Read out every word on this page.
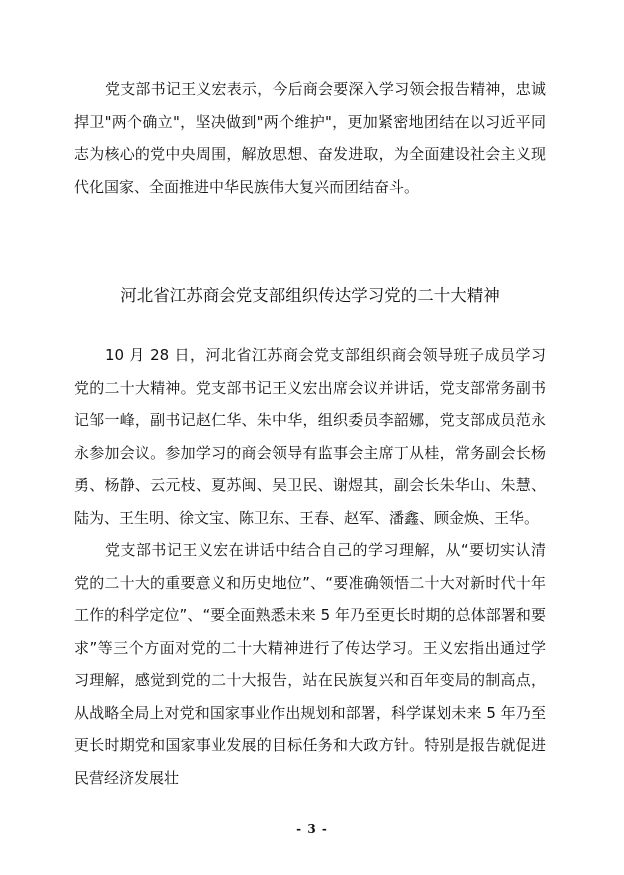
党支部书记王义宏表示，今后商会要深入学习领会报告精神，忠诚捍卫"两个确立"，坚决做到"两个维护"，更加紧密地团结在以习近平同志为核心的党中央周围，解放思想、奋发进取，为全面建设社会主义现代化国家、全面推进中华民族伟大复兴而团结奋斗。

河北省江苏商会党支部组织传达学习党的二十大精神

10 月 28 日，河北省江苏商会党支部组织商会领导班子成员学习党的二十大精神。党支部书记王义宏出席会议并讲话，党支部常务副书记邹一峰，副书记赵仁华、朱中华，组织委员李韶娜，党支部成员范永永参加会议。参加学习的商会领导有监事会主席丁从桂，常务副会长杨勇、杨静、云元枝、夏苏闽、吴卫民、谢煜其，副会长朱华山、朱慧、陆为、王生明、徐文宝、陈卫东、王春、赵军、潘鑫、顾金焕、王华。

党支部书记王义宏在讲话中结合自己的学习理解，从“要切实认清党的二十大的重要意义和历史地位”、“要准确领悟二十大对新时代十年工作的科学定位”、“要全面熟悉未来 5 年乃至更长时期的总体部署和要求”等三个方面对党的二十大精神进行了传达学习。王义宏指出通过学习理解，感觉到党的二十大报告，站在民族复兴和百年变局的制高点，从战略全局上对党和国家事业作出规划和部署，科学谋划未来 5 年乃至更长时期党和国家事业发展的目标任务和大政方针。特别是报告就促进民营经济发展壮

- 3 -
